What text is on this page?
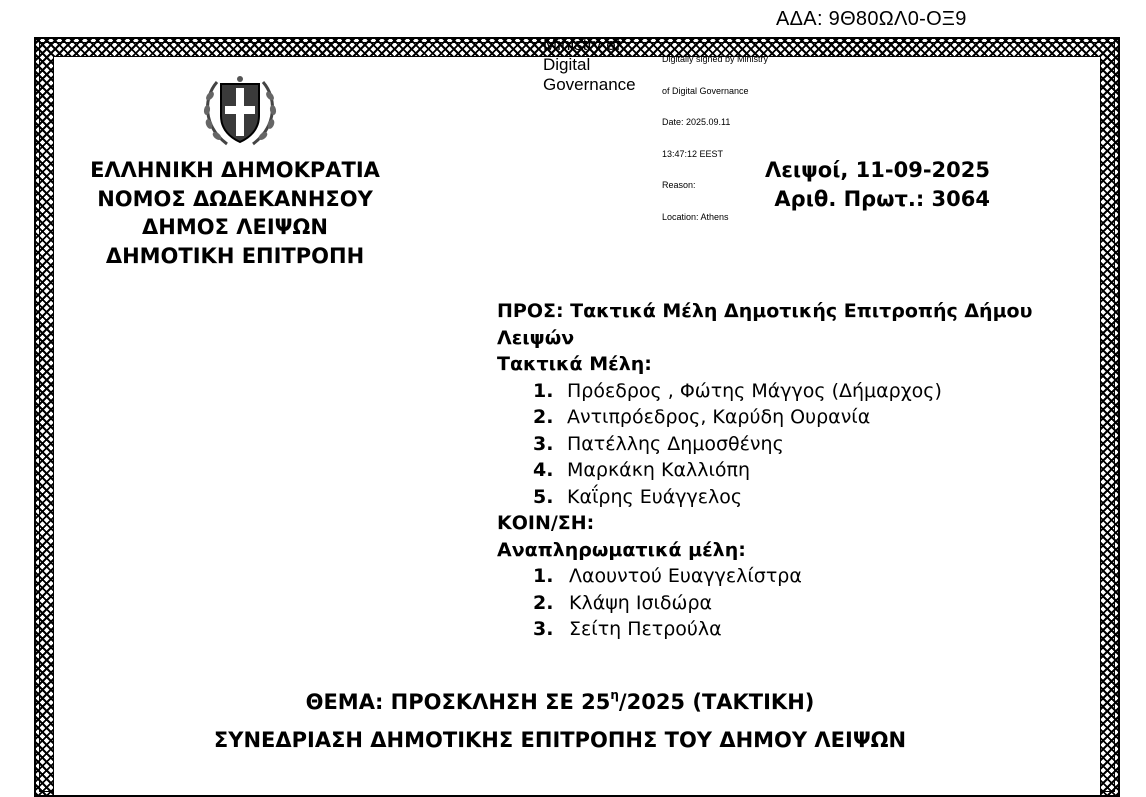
ΑΔΑ: 9Θ80ΩΛ0-ΟΞ9
Ministry of
Digital
Governance

Digitally signed by Ministry

of Digital Governance

Date: 2025.09.11

13:47:12 EEST

Reason:

Location: Athens

ΕΛΛΗΝΙΚΗ ΔΗΜΟΚΡΑΤΙΑ
ΝΟΜΟΣ ΔΩΔΕΚΑΝΗΣΟΥ
ΔΗΜΟΣ ΛΕΙΨΩΝ
ΔΗΜΟΤΙΚΗ ΕΠΙΤΡΟΠΗ
Λειψοί, 11-09-2025
Αριθ. Πρωτ.: 3064
ΠΡΟΣ: Τακτικά Μέλη Δημοτικής Επιτροπής Δήμου
Λειψών
Τακτικά Μέλη:
1. Πρόεδρος , Φώτης Μάγγος (Δήμαρχος)
2. Αντιπρόεδρος, Καρύδη Ουρανία
3. Πατέλλης Δημοσθένης
4. Μαρκάκη Καλλιόπη
5. Καΐρης Ευάγγελος
ΚΟΙΝ/ΣΗ:
Αναπληρωματικά μέλη:
1. Λαουντού Ευαγγελίστρα
2. Κλάψη Ισιδώρα
3. Σείτη Πετρούλα
ΘΕΜΑ: ΠΡΟΣΚΛΗΣΗ ΣΕ $25^\eta/2025$ (ΤΑΚΤΙΚΗ)
ΣΥΝΕΔΡΙΑΣΗ ΔΗΜΟΤΙΚΗΣ ΕΠΙΤΡΟΠΗΣ ΤΟΥ ΔΗΜΟΥ ΛΕΙΨΩΝ
